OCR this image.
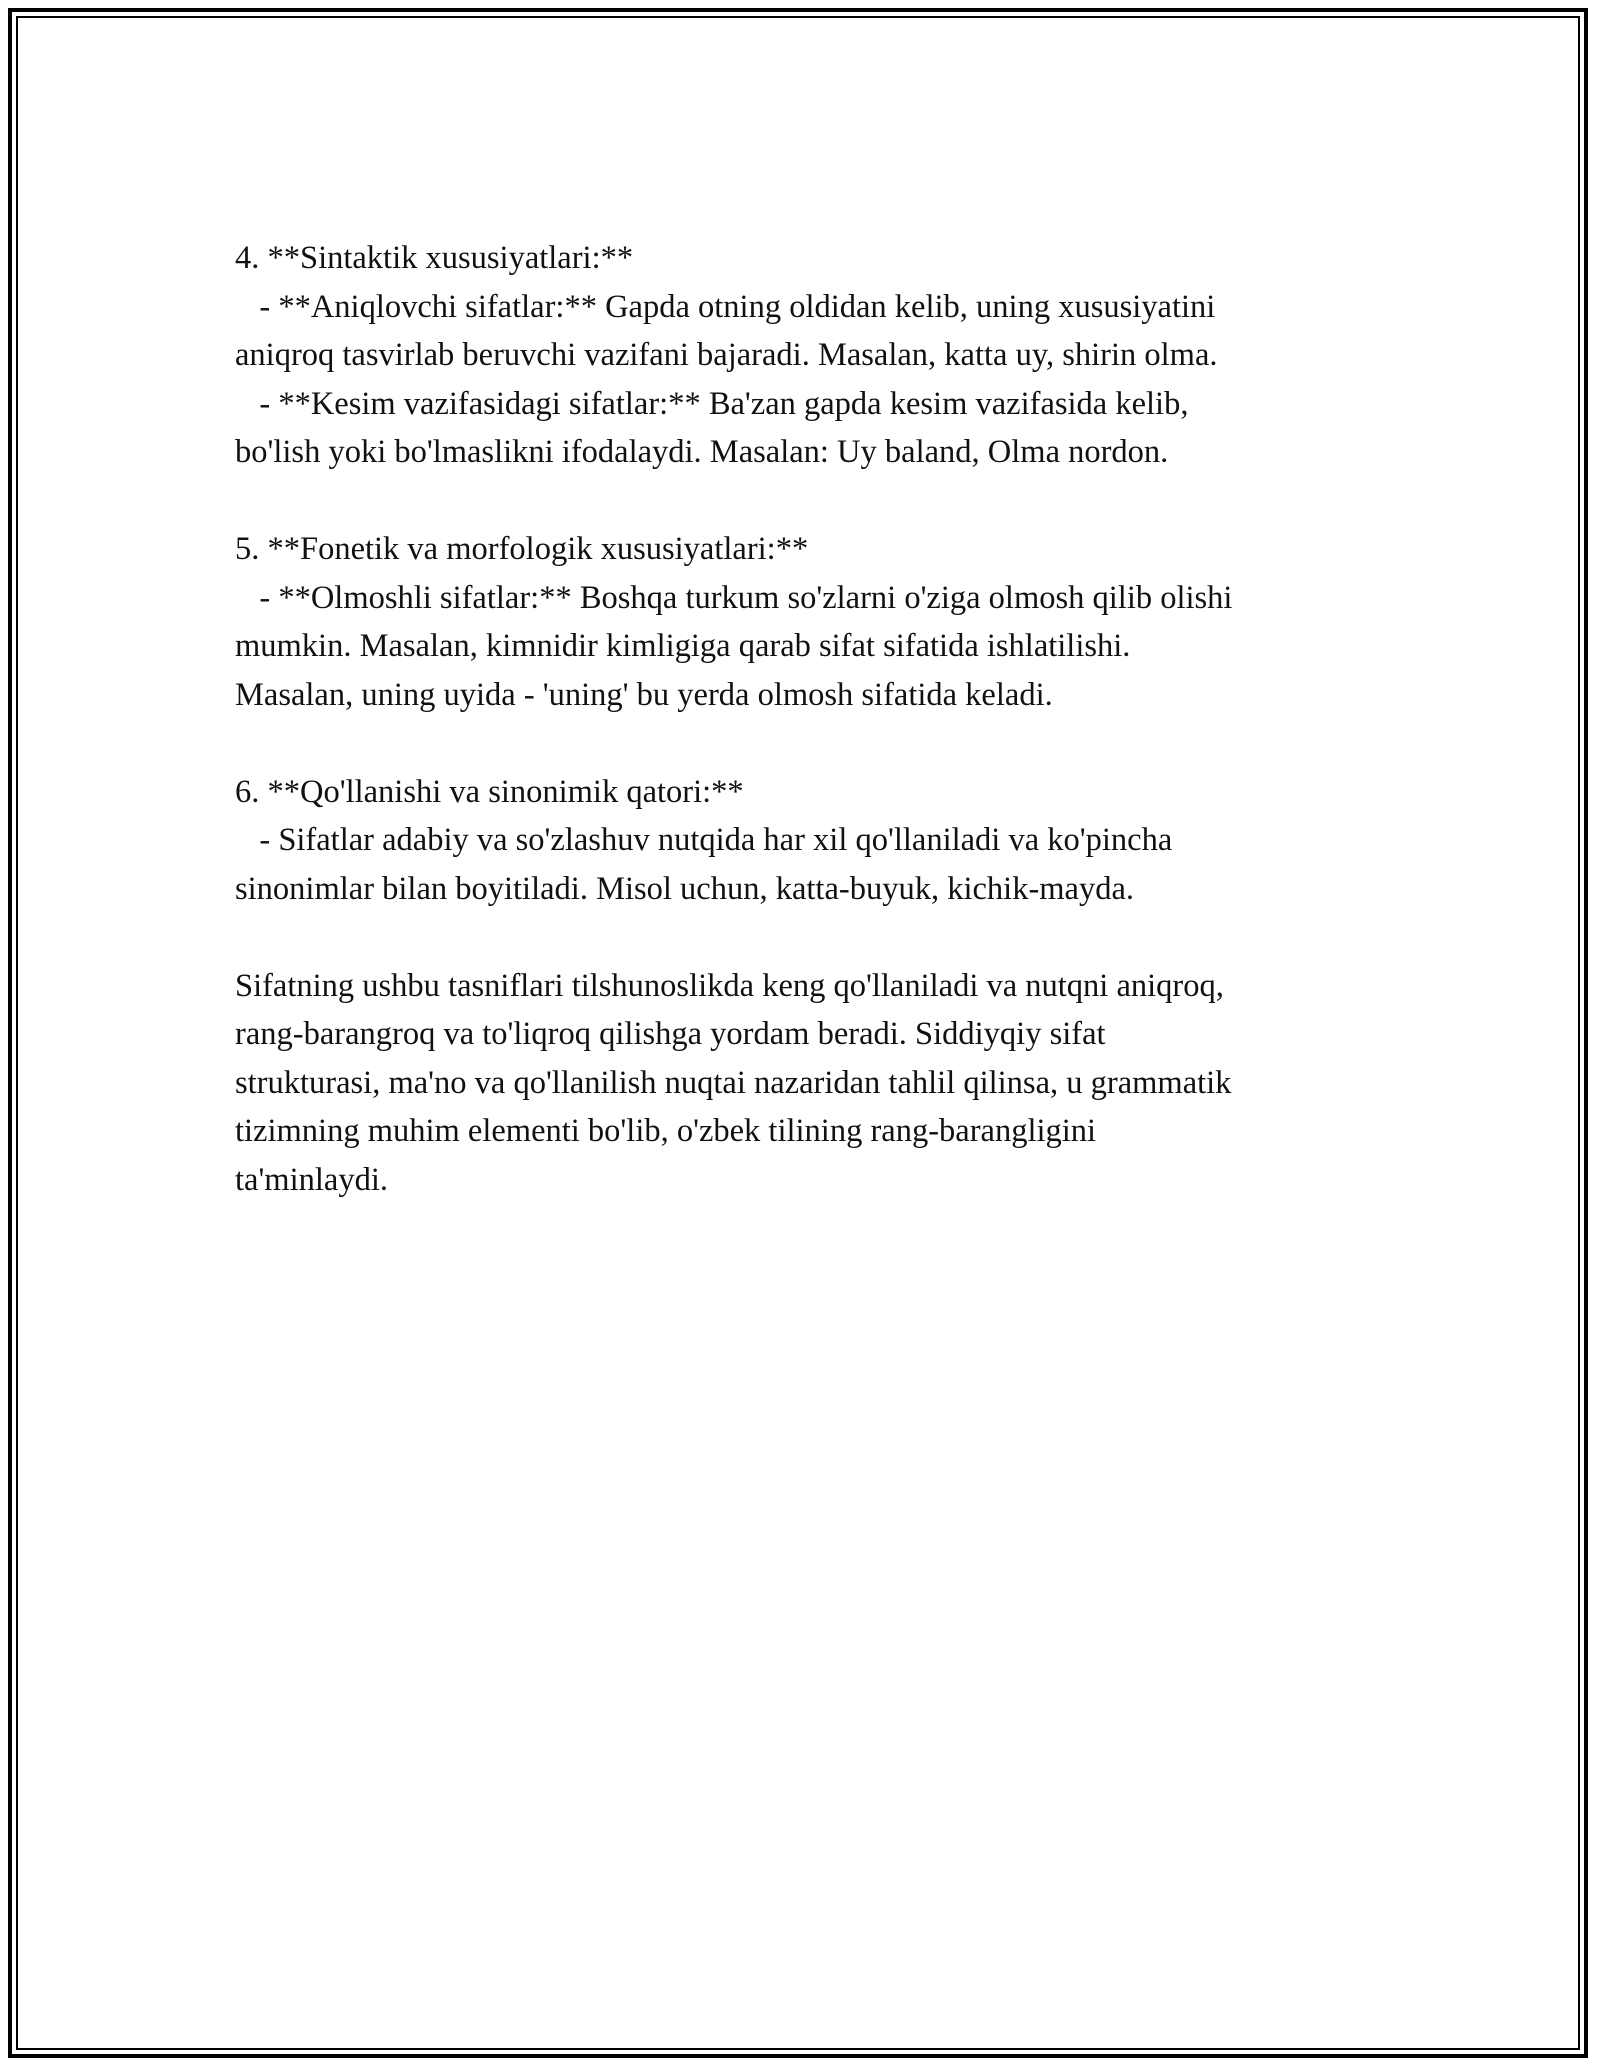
4. **Sintaktik xususiyatlari:**
- **Aniqlovchi sifatlar:** Gapda otning oldidan kelib, uning xususiyatini
aniqroq tasvirlab beruvchi vazifani bajaradi. Masalan, katta uy, shirin olma.
- **Kesim vazifasidagi sifatlar:** Ba'zan gapda kesim vazifasida kelib,
bo'lish yoki bo'lmaslikni ifodalaydi. Masalan: Uy baland, Olma nordon.
5. **Fonetik va morfologik xususiyatlari:**
- **Olmoshli sifatlar:** Boshqa turkum so'zlarni o'ziga olmosh qilib olishi
mumkin. Masalan, kimnidir kimligiga qarab sifat sifatida ishlatilishi.
Masalan, uning uyida - 'uning' bu yerda olmosh sifatida keladi.
6. **Qo'llanishi va sinonimik qatori:**
- Sifatlar adabiy va so'zlashuv nutqida har xil qo'llaniladi va ko'pincha
sinonimlar bilan boyitiladi. Misol uchun, katta-buyuk, kichik-mayda.
Sifatning ushbu tasniflari tilshunoslikda keng qo'llaniladi va nutqni aniqroq,
rang-barangroq va to'liqroq qilishga yordam beradi. Siddiyqiy sifat
strukturasi, ma'no va qo'llanilish nuqtai nazaridan tahlil qilinsa, u grammatik
tizimning muhim elementi bo'lib, o'zbek tilining rang-barangligini
ta'minlaydi.
